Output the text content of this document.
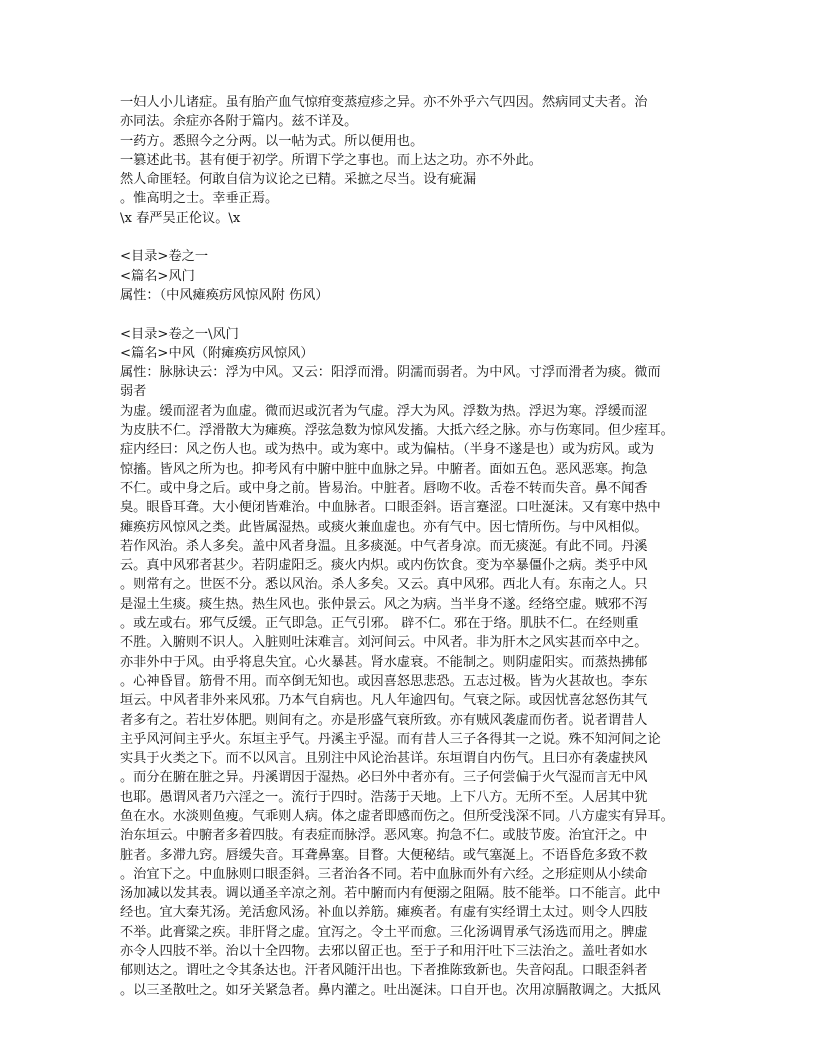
一妇人小儿诸症。虽有胎产血气惊疳变蒸痘疹之异。亦不外乎六气四因。然病同丈夫者。治
亦同法。余症亦各附于篇内。兹不详及。
一药方。悉照今之分两。以一帖为式。所以便用也。
一篡述此书。甚有便于初学。所谓下学之事也。而上达之功。亦不外此。
然人命匪轻。何敢自信为议论之已精。采摭之尽当。设有疵漏
。惟高明之士。幸垂正焉。
\x 春严吴正伦议。\x
<目录>卷之一
<篇名>风门
属性：（中风瘫痪疠风惊风附 伤风）
<目录>卷之一\风门
<篇名>中风（附瘫痪疠风惊风）
属性：脉脉诀云：浮为中风。又云：阳浮而滑。阴濡而弱者。为中风。寸浮而滑者为痰。微而
弱者
为虚。缓而涩者为血虚。微而迟或沉者为气虚。浮大为风。浮数为热。浮迟为寒。浮缓而涩
为皮肤不仁。浮滑散大为瘫痪。浮弦急数为惊风发搐。大抵六经之脉。亦与伤寒同。但少痓耳。
症内经曰：风之伤人也。或为热中。或为寒中。或为偏枯。（半身不遂是也）或为疠风。或为
惊搐。皆风之所为也。抑考风有中腑中脏中血脉之异。中腑者。面如五色。恶风恶寒。拘急
不仁。或中身之后。或中身之前。皆易治。中脏者。唇吻不收。舌卷不转而失音。鼻不闻香
臭。眼昏耳聋。大小便闭皆难治。中血脉者。口眼歪斜。语言蹇涩。口吐涎沫。又有寒中热中
瘫痪疠风惊风之类。此皆属湿热。或痰火兼血虚也。亦有气中。因七情所伤。与中风相似。
若作风治。杀人多矣。盖中风者身温。且多痰涎。中气者身凉。而无痰涎。有此不同。丹溪
云。真中风邪者甚少。若阴虚阳乏。痰火内炽。或内伤饮食。变为卒暴僵仆之病。类乎中风
。则常有之。世医不分。悉以风治。杀人多矣。又云。真中风邪。西北人有。东南之人。只
是湿土生痰。痰生热。热生风也。张仲景云。风之为病。当半身不遂。经络空虚。贼邪不泻
。或左或右。邪气反缓。正气即急。正气引邪。 辟不仁。邪在于络。肌肤不仁。在经则重
不胜。入腑则不识人。入脏则吐沫难言。刘河间云。中风者。非为肝木之风实甚而卒中之。
亦非外中于风。由乎将息失宜。心火暴甚。肾水虚衰。不能制之。则阴虚阳实。而蒸热拂郁
。心神昏冒。筋骨不用。而卒倒无知也。或因喜怒思悲恐。五志过极。皆为火甚故也。李东
垣云。中风者非外来风邪。乃本气自病也。凡人年逾四旬。气衰之际。或因忧喜忿怒伤其气
者多有之。若壮岁体肥。则间有之。亦是形盛气衰所致。亦有贼风袭虚而伤者。说者谓昔人
主乎风河间主乎火。东垣主乎气。丹溪主乎湿。而有昔人三子各得其一之说。殊不知河间之论
实具于火类之下。而不以风言。且别注中风论治甚详。东垣谓自内伤气。且曰亦有袭虚挟风
。而分在腑在脏之异。丹溪谓因于湿热。必曰外中者亦有。三子何尝偏于火气湿而言无中风
也耶。愚谓风者乃六淫之一。流行于四时。浩荡于天地。上下八方。无所不至。人居其中犹
鱼在水。水淡则鱼瘦。气乖则人病。体之虚者即感而伤之。但所受浅深不同。八方虚实有异耳。
治东垣云。中腑者多着四肢。有表症而脉浮。恶风寒。拘急不仁。或肢节废。治宜汗之。中
脏者。多滞九窍。唇缓失音。耳聋鼻塞。目瞀。大便秘结。或气塞涎上。不语昏危多致不救
。治宜下之。中血脉则口眼歪斜。三者治各不同。若中血脉而外有六经。之形症则从小续命
汤加减以发其表。调以通圣辛凉之剂。若中腑而内有便溺之阻隔。肢不能举。口不能言。此中
经也。宜大秦艽汤。羌活愈风汤。补血以养筋。瘫痪者。有虚有实经谓土太过。则令人四肢
不举。此膏粱之疾。非肝肾之虚。宜泻之。令土平而愈。三化汤调胃承气汤选而用之。脾虚
亦令人四肢不举。治以十全四物。去邪以留正也。至于子和用汗吐下三法治之。盖吐者如水
郁则达之。谓吐之令其条达也。汗者风随汗出也。下者推陈致新也。失音闷乱。口眼歪斜者
。以三圣散吐之。如牙关紧急者。鼻内灌之。吐出涎沫。口自开也。次用凉膈散调之。大抵风
